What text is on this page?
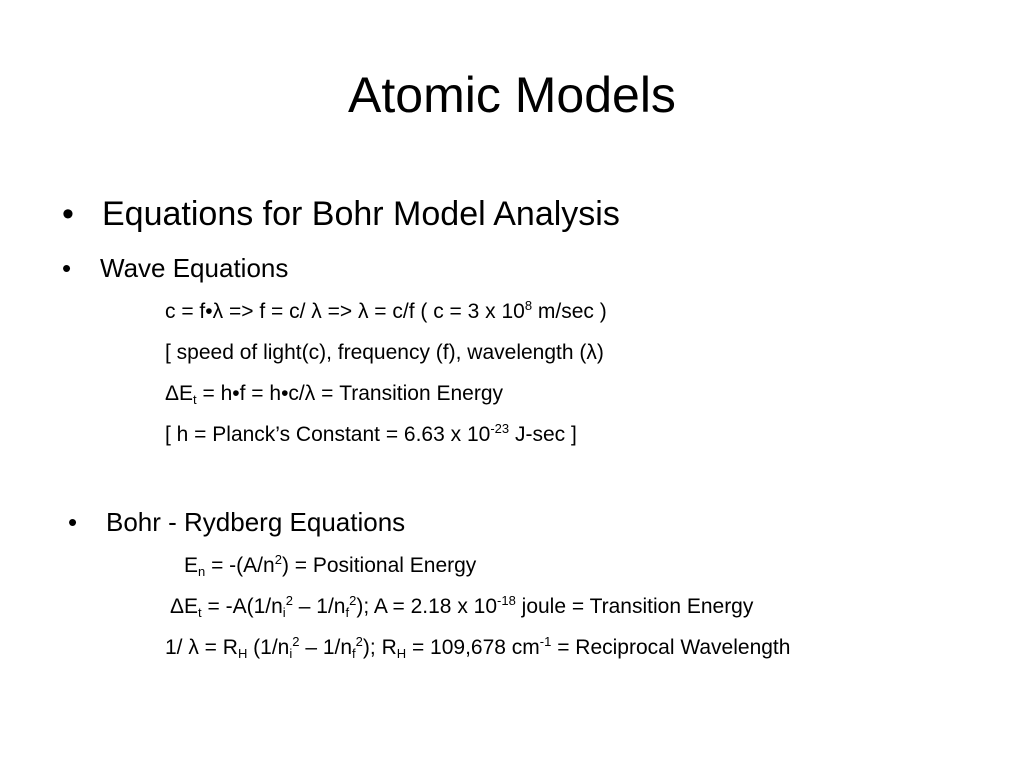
Atomic Models
• Equations for Bohr Model Analysis
• Wave Equations
c = f•λ => f = c/ λ => λ = c/f ( c = 3 x $10^8$ m/sec )
[ speed of light(c), frequency (f), wavelength (λ)
$\Delta E_t$ = h•f = h•c/λ = Transition Energy
[ h = Planck’s Constant = 6.63 x $10^{-23}$ J-sec ]
• Bohr - Rydberg Equations
$E_n = -(A/n^2)$ = Positional Energy
$\Delta E_t = -A(1/n_i^2 - 1/n_f^2)$; A = 2.18 x $10^{-18}$ joule = Transition Energy
1/ $\lambda = R_H$ $(1/n_i^2 - 1/n_f^2)$; $R_H = 109,678$ $cm^{-1}$ = Reciprocal Wavelength
